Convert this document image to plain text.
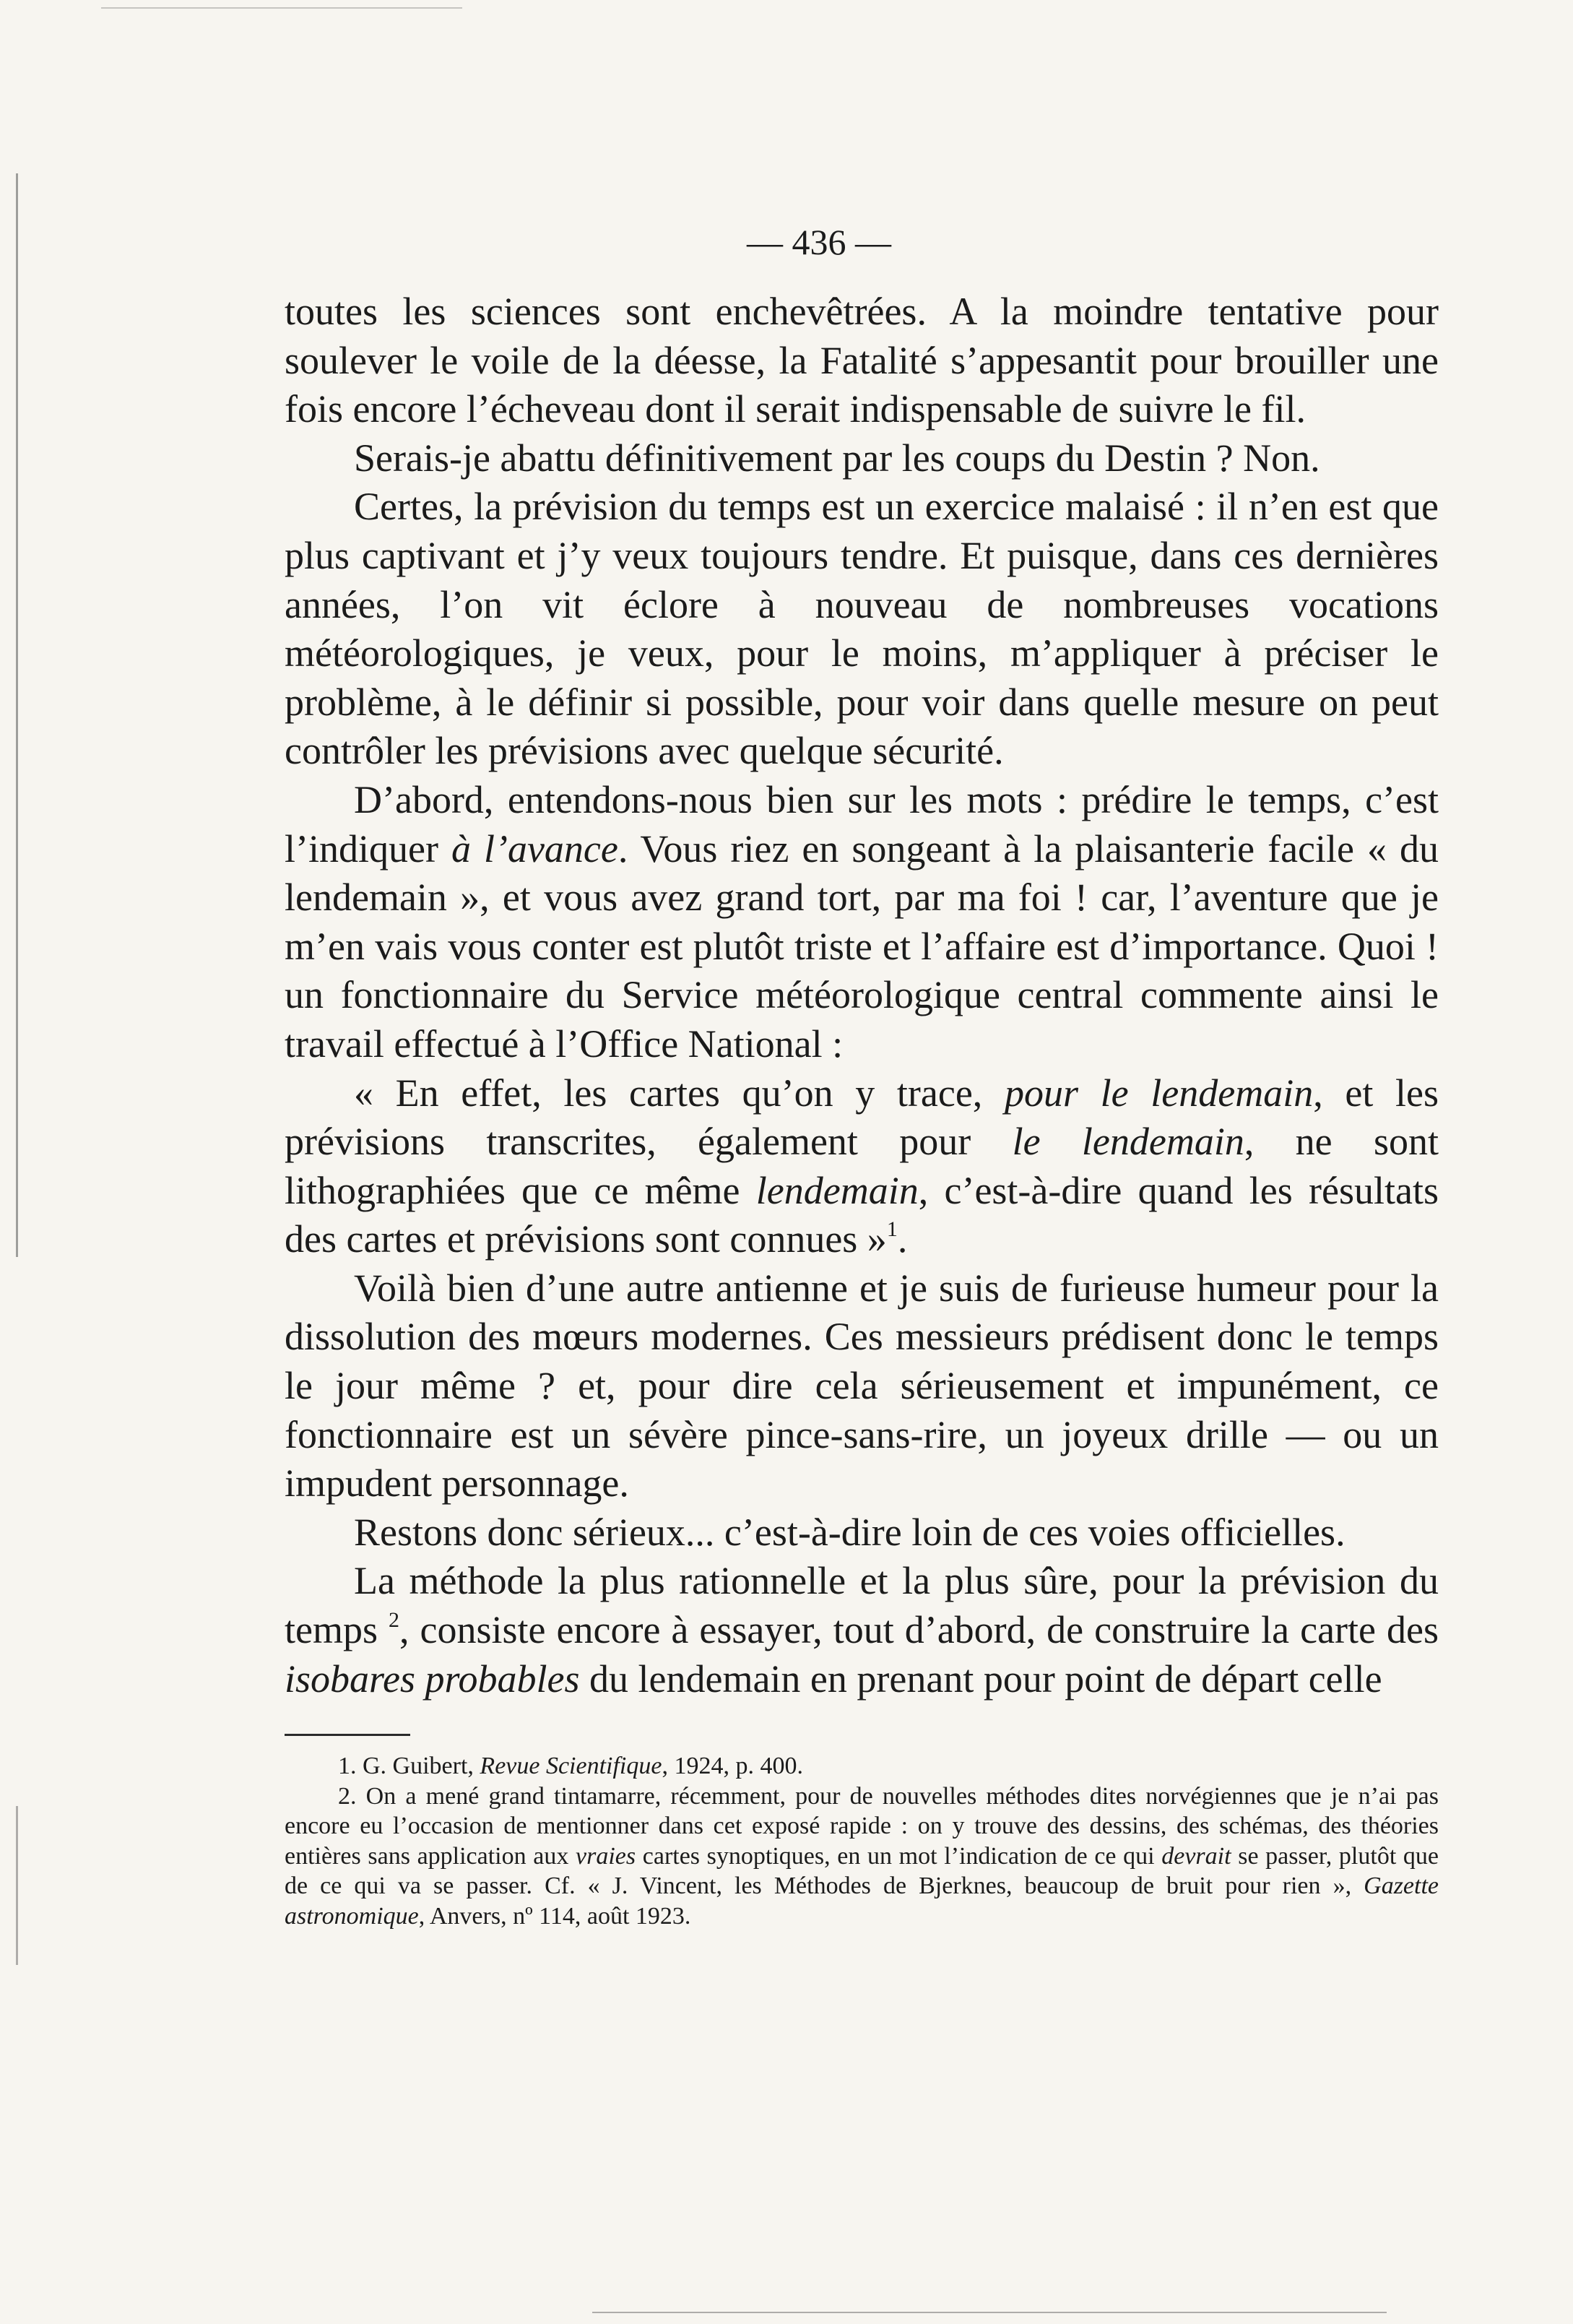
— 436 —

toutes les sciences sont enchevêtrées. A la moindre tentative pour soulever le voile de la déesse, la Fatalité s’appesantit pour brouiller une fois encore l’écheveau dont il serait indispensable de suivre le fil.

Serais-je abattu définitivement par les coups du Destin ? Non.

Certes, la prévision du temps est un exercice malaisé : il n’en est que plus captivant et j’y veux toujours tendre. Et puisque, dans ces dernières années, l’on vit éclore à nouveau de nombreuses vocations météorologiques, je veux, pour le moins, m’appliquer à préciser le problème, à le définir si possible, pour voir dans quelle mesure on peut contrôler les prévisions avec quelque sécurité.

D’abord, entendons-nous bien sur les mots : prédire le temps, c’est l’indiquer à l’avance. Vous riez en songeant à la plaisanterie facile « du lendemain », et vous avez grand tort, par ma foi ! car, l’aventure que je m’en vais vous conter est plutôt triste et l’affaire est d’importance. Quoi ! un fonctionnaire du Service météorologique central commente ainsi le travail effectué à l’Office National :

« En effet, les cartes qu’on y trace, pour le lendemain, et les prévisions transcrites, également pour le lendemain, ne sont lithographiées que ce même lendemain, c’est-à-dire quand les résultats des cartes et prévisions sont connues »$^1$.

Voilà bien d’une autre antienne et je suis de furieuse humeur pour la dissolution des mœurs modernes. Ces messieurs prédisent donc le temps le jour même ? et, pour dire cela sérieusement et impunément, ce fonctionnaire est un sévère pince-sans-rire, un joyeux drille — ou un impudent personnage.

Restons donc sérieux... c’est-à-dire loin de ces voies officielles.

La méthode la plus rationnelle et la plus sûre, pour la prévision du temps $^2$, consiste encore à essayer, tout d’abord, de construire la carte des isobares probables du lendemain en prenant pour point de départ celle

1. G. Guibert, Revue Scientifique, 1924, p. 400.

2. On a mené grand tintamarre, récemment, pour de nouvelles méthodes dites norvégiennes que je n’ai pas encore eu l’occasion de mentionner dans cet exposé rapide : on y trouve des dessins, des schémas, des théories entières sans application aux vraies cartes synoptiques, en un mot l’indication de ce qui devrait se passer, plutôt que de ce qui va se passer. Cf. « J. Vincent, les Méthodes de Bjerknes, beaucoup de bruit pour rien », Gazette astronomique, Anvers, nº 114, août 1923.
